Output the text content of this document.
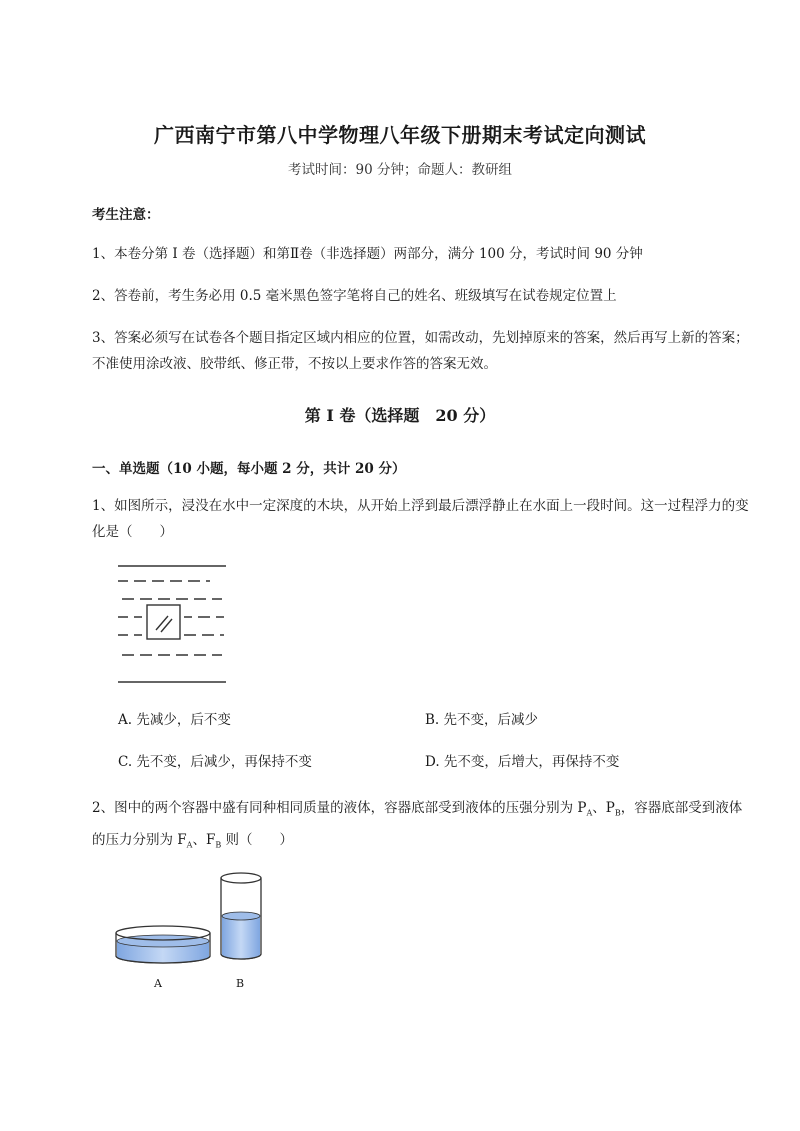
广西南宁市第八中学物理八年级下册期末考试定向测试
考试时间：90 分钟；命题人：教研组
考生注意：
1、本卷分第 I 卷（选择题）和第Ⅱ卷（非选择题）两部分，满分 100 分，考试时间 90 分钟
2、答卷前，考生务必用 0.5 毫米黑色签字笔将自己的姓名、班级填写在试卷规定位置上
3、答案必须写在试卷各个题目指定区域内相应的位置，如需改动，先划掉原来的答案，然后再写上新的答案；不准使用涂改液、胶带纸、修正带，不按以上要求作答的答案无效。
第 I 卷（选择题　20 分）
一、单选题（10 小题，每小题 2 分，共计 20 分）
1、如图所示，浸没在水中一定深度的木块，从开始上浮到最后漂浮静止在水面上一段时间。这一过程浮力的变化是（　　）
A. 先减少，后不变	B. 先不变，后减少
C. 先不变，后减少，再保持不变	D. 先不变，后增大，再保持不变
2、图中的两个容器中盛有同种相同质量的液体，容器底部受到液体的压强分别为 $P_A$、$P_B$，容器底部受到液体的压力分别为 $F_A$、$F_B$ 则（　　）
A	B
